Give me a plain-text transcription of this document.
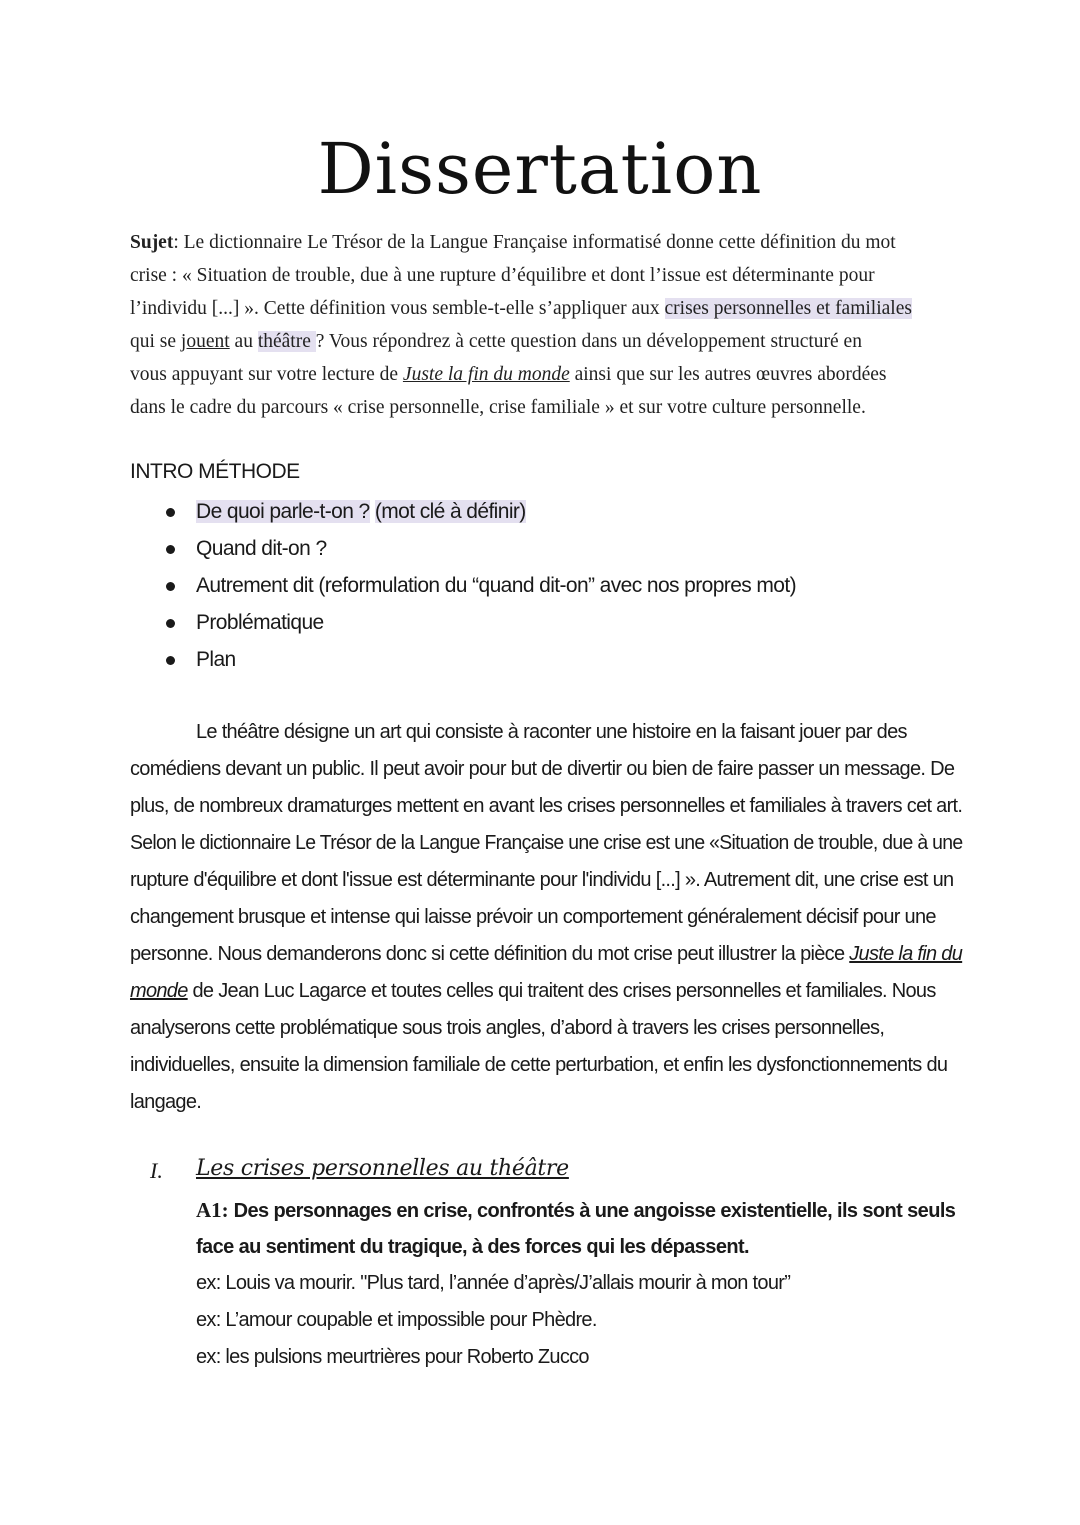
Dissertation
Sujet: Le dictionnaire Le Trésor de la Langue Française informatisé donne cette définition du mot
crise : « Situation de trouble, due à une rupture d’équilibre et dont l’issue est déterminante pour
l’individu [...] ». Cette définition vous semble-t-elle s’appliquer aux crises personnelles et familiales
qui se jouent au théâtre ? Vous répondrez à cette question dans un développement structuré en
vous appuyant sur votre lecture de Juste la fin du monde ainsi que sur les autres œuvres abordées
dans le cadre du parcours « crise personnelle, crise familiale » et sur votre culture personnelle.
INTRO MÉTHODE
De quoi parle-t-on ? (mot clé à définir)
Quand dit-on ?
Autrement dit (reformulation du “quand dit-on” avec nos propres mot)
Problématique
Plan
Le théâtre désigne un art qui consiste à raconter une histoire en la faisant jouer par des
comédiens devant un public. Il peut avoir pour but de divertir ou bien de faire passer un message. De
plus, de nombreux dramaturges mettent en avant les crises personnelles et familiales à travers cet art.
Selon le dictionnaire Le Trésor de la Langue Française une crise est une «Situation de trouble, due à une
rupture d'équilibre et dont l'issue est déterminante pour l'individu [...] ». Autrement dit, une crise est un
changement brusque et intense qui laisse prévoir un comportement généralement décisif pour une
personne. Nous demanderons donc si cette définition du mot crise peut illustrer la pièce Juste la fin du
monde de Jean Luc Lagarce et toutes celles qui traitent des crises personnelles et familiales. Nous
analyserons cette problématique sous trois angles, d’abord à travers les crises personnelles,
individuelles, ensuite la dimension familiale de cette perturbation, et enfin les dysfonctionnements du
langage.
I. Les crises personnelles au théâtre
A1: Des personnages en crise, confrontés à une angoisse existentielle, ils sont seuls
face au sentiment du tragique, à des forces qui les dépassent.
ex: Louis va mourir. "Plus tard, l’année d’après/J’allais mourir à mon tour”
ex: L’amour coupable et impossible pour Phèdre.
ex: les pulsions meurtrières pour Roberto Zucco
